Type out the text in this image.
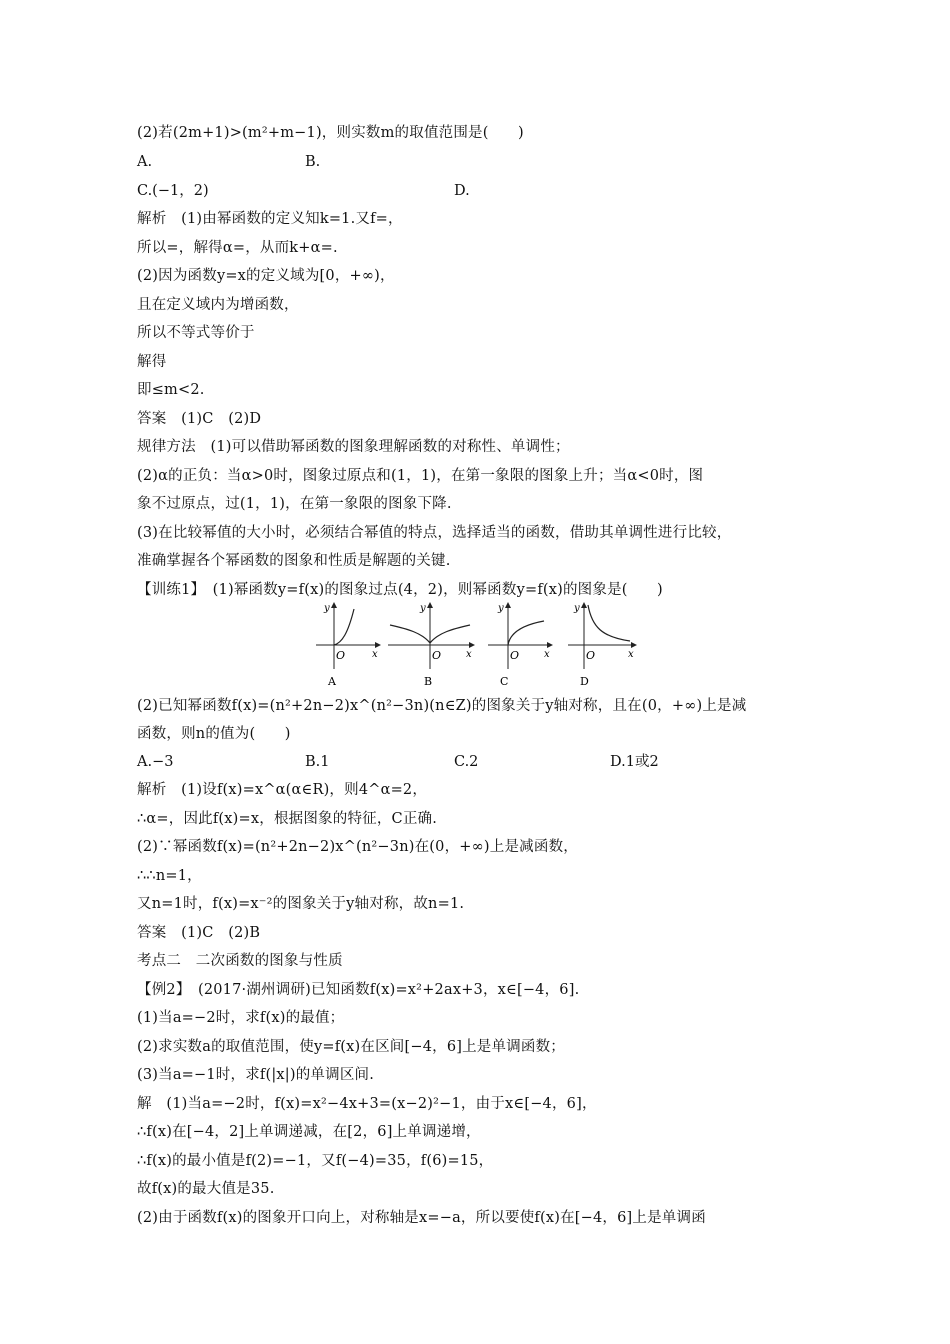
(2)若(2m+1)>(m²+m−1)，则实数m的取值范围是(　　)
A.	B.
C.(−1，2)	D.
解析　(1)由幂函数的定义知k=1.又f=，
所以=，解得α=，从而k+α=.
(2)因为函数y=x的定义域为[0，+∞)，
且在定义域内为增函数，
所以不等式等价于
解得
即≤m<2.
答案　(1)C　(2)D
规律方法　(1)可以借助幂函数的图象理解函数的对称性、单调性；
(2)α的正负：当α>0时，图象过原点和(1，1)，在第一象限的图象上升；当α<0时，图
象不过原点，过(1，1)，在第一象限的图象下降.
(3)在比较幂值的大小时，必须结合幂值的特点，选择适当的函数，借助其单调性进行比较，
准确掌握各个幂函数的图象和性质是解题的关键.
【训练1】　(1)幂函数y=f(x)的图象过点(4，2)，则幂函数y=f(x)的图象是(　　)
y
x
O
A
y
x
O
B
y
x
O
C
y
x
O
D
(2)已知幂函数f(x)=(n²+2n−2)x^(n²−3n)(n∈Z)的图象关于y轴对称，且在(0，+∞)上是减
函数，则n的值为(　　)
A.−3	B.1	C.2	D.1或2
解析　(1)设f(x)=x^α(α∈R)，则4^α=2，
∴α=，因此f(x)=x，根据图象的特征，C正确.
(2)∵幂函数f(x)=(n²+2n−2)x^(n²−3n)在(0，+∞)上是减函数，
∴∴n=1，
又n=1时，f(x)=x⁻²的图象关于y轴对称，故n=1.
答案　(1)C　(2)B
考点二　二次函数的图象与性质
【例2】　(2017·湖州调研)已知函数f(x)=x²+2ax+3，x∈[−4，6].
(1)当a=−2时，求f(x)的最值；
(2)求实数a的取值范围，使y=f(x)在区间[−4，6]上是单调函数；
(3)当a=−1时，求f(|x|)的单调区间.
解　(1)当a=−2时，f(x)=x²−4x+3=(x−2)²−1，由于x∈[−4，6]，
∴f(x)在[−4，2]上单调递减，在[2，6]上单调递增，
∴f(x)的最小值是f(2)=−1，又f(−4)=35，f(6)=15，
故f(x)的最大值是35.
(2)由于函数f(x)的图象开口向上，对称轴是x=−a，所以要使f(x)在[−4，6]上是单调函
